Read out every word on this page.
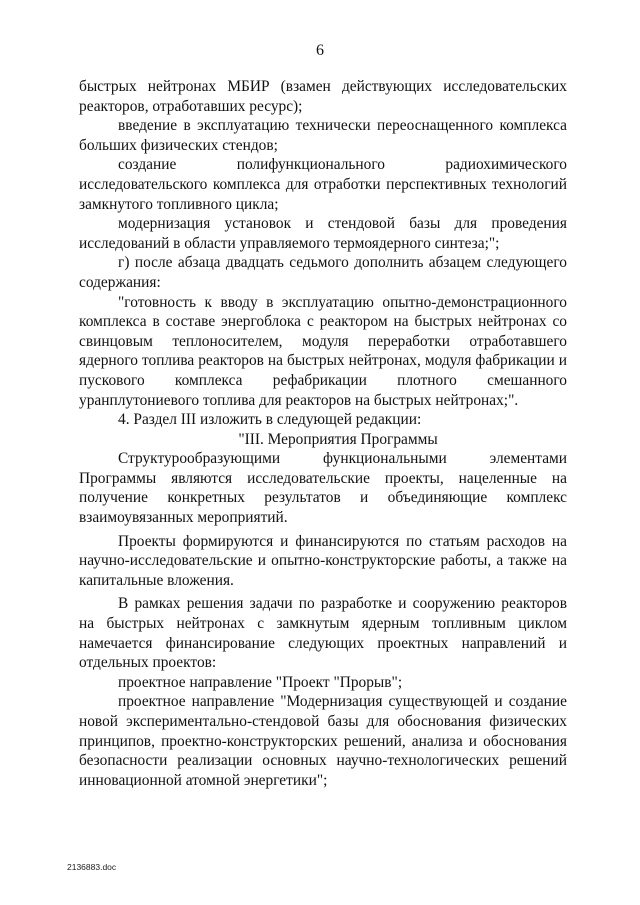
6

быстрых нейтронах МБИР (взамен действующих исследовательских реакторов, отработавших ресурс);

введение в эксплуатацию технически переоснащенного комплекса больших физических стендов;

создание полифункционального радиохимического исследовательского комплекса для отработки перспективных технологий замкнутого топливного цикла;

модернизация установок и стендовой базы для проведения исследований в области управляемого термоядерного синтеза;";

г) после абзаца двадцать седьмого дополнить абзацем следующего содержания:

"готовность к вводу в эксплуатацию опытно-демонстрационного комплекса в составе энергоблока с реактором на быстрых нейтронах со свинцовым теплоносителем, модуля переработки отработавшего ядерного топлива реакторов на быстрых нейтронах, модуля фабрикации и пускового комплекса рефабрикации плотного смешанного уранплутониевого топлива для реакторов на быстрых нейтронах;".

4. Раздел III изложить в следующей редакции:

"III. Мероприятия Программы

Структурообразующими функциональными элементами Программы являются исследовательские проекты, нацеленные на получение конкретных результатов и объединяющие комплекс взаимоувязанных мероприятий.

Проекты формируются и финансируются по статьям расходов на научно-исследовательские и опытно-конструкторские работы, а также на капитальные вложения.

В рамках решения задачи по разработке и сооружению реакторов на быстрых нейтронах с замкнутым ядерным топливным циклом намечается финансирование следующих проектных направлений и отдельных проектов:

проектное направление "Проект "Прорыв";

проектное направление "Модернизация существующей и создание новой экспериментально-стендовой базы для обоснования физических принципов, проектно-конструкторских решений, анализа и обоснования безопасности реализации основных научно-технологических решений инновационной атомной энергетики";

2136883.doc
